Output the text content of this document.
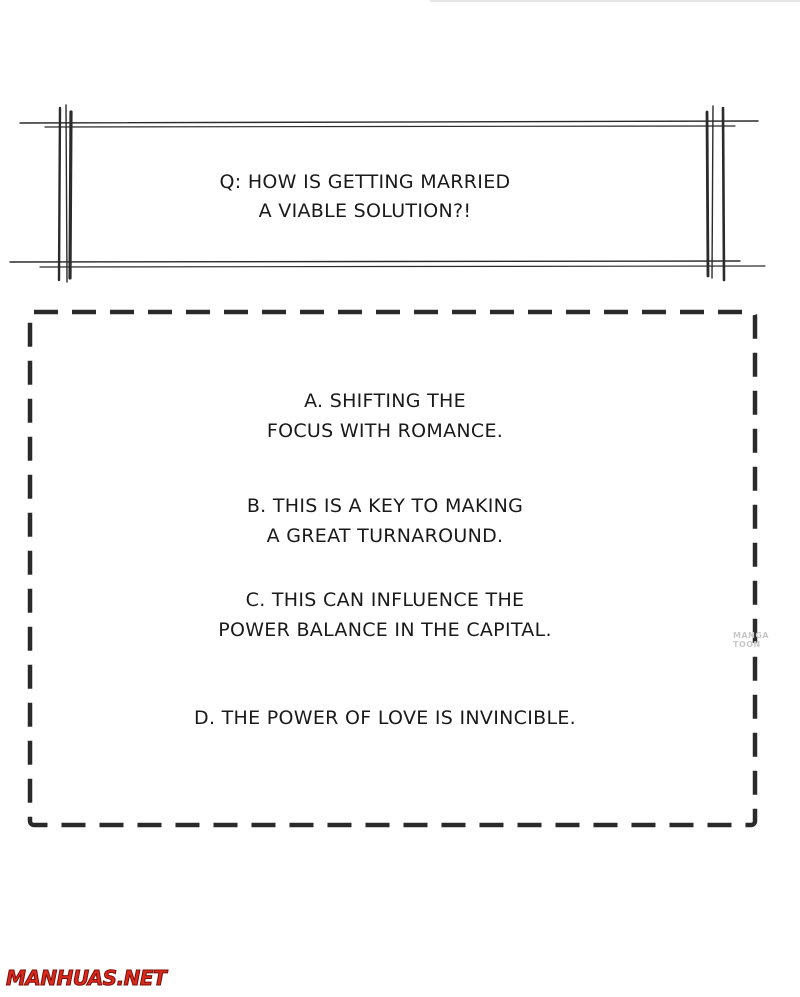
Q: HOW IS GETTING MARRIED
A VIABLE SOLUTION?!
A. SHIFTING THE
FOCUS WITH ROMANCE.
B. THIS IS A KEY TO MAKING
A GREAT TURNAROUND.
C. THIS CAN INFLUENCE THE
POWER BALANCE IN THE CAPITAL.
D. THE POWER OF LOVE IS INVINCIBLE.
MANGA TOON
MANHUAS.NET
